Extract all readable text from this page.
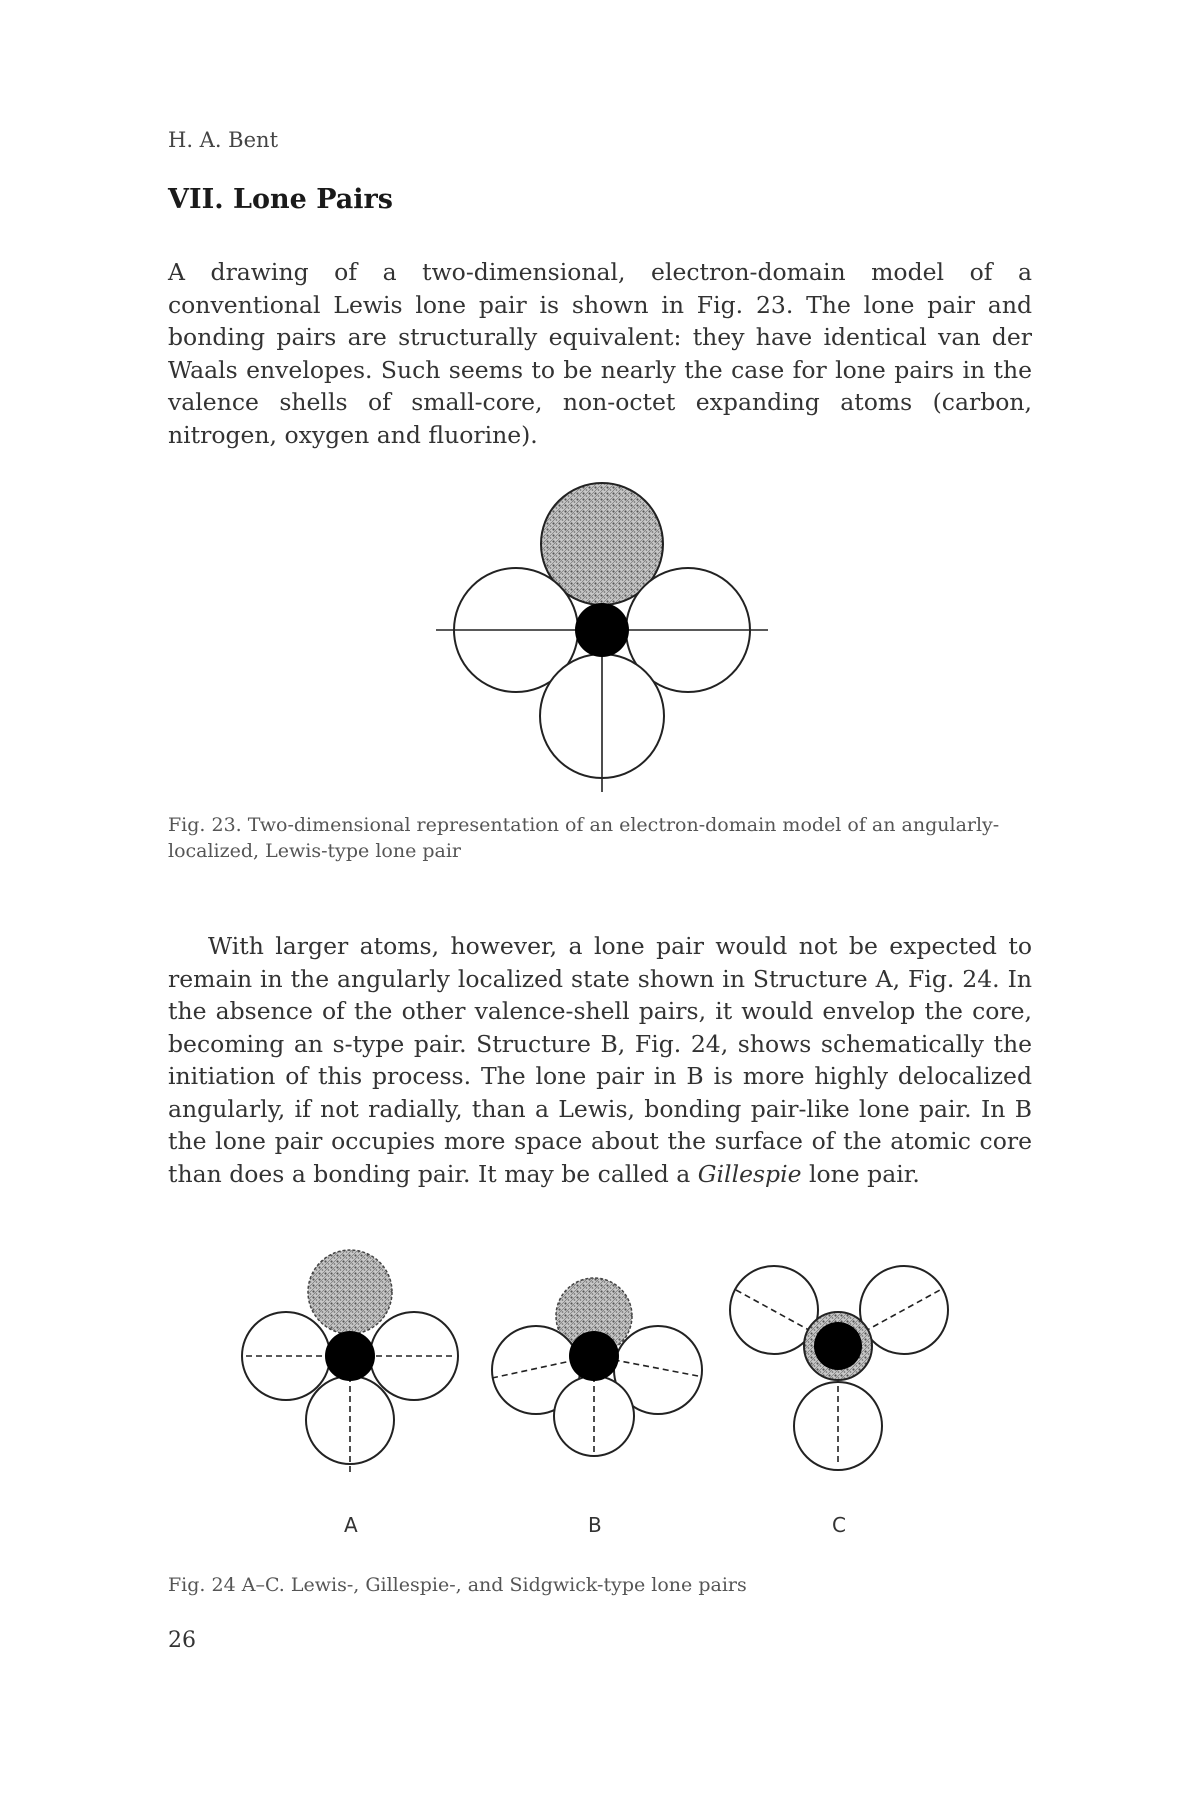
H. A. Bent
VII. Lone Pairs

A drawing of a two-dimensional, electron-domain model of a conventional Lewis lone pair is shown in Fig. 23. The lone pair and bonding pairs are structurally equivalent: they have identical van der Waals envelopes. Such seems to be nearly the case for lone pairs in the valence shells of small-core, non-octet expanding atoms (carbon, nitrogen, oxygen and fluorine).

A	B	C

Fig. 23. Two-dimensional representation of an electron-domain model of an angularly-localized, Lewis-type lone pair

With larger atoms, however, a lone pair would not be expected to remain in the angularly localized state shown in Structure A, Fig. 24. In the absence of the other valence-shell pairs, it would envelop the core, becoming an s-type pair. Structure B, Fig. 24, shows schematically the initiation of this process. The lone pair in B is more highly delocalized angularly, if not radially, than a Lewis, bonding pair-like lone pair. In B the lone pair occupies more space about the surface of the atomic core than does a bonding pair. It may be called a Gillespie lone pair.

Fig. 24 A–C. Lewis-, Gillespie-, and Sidgwick-type lone pairs

26
